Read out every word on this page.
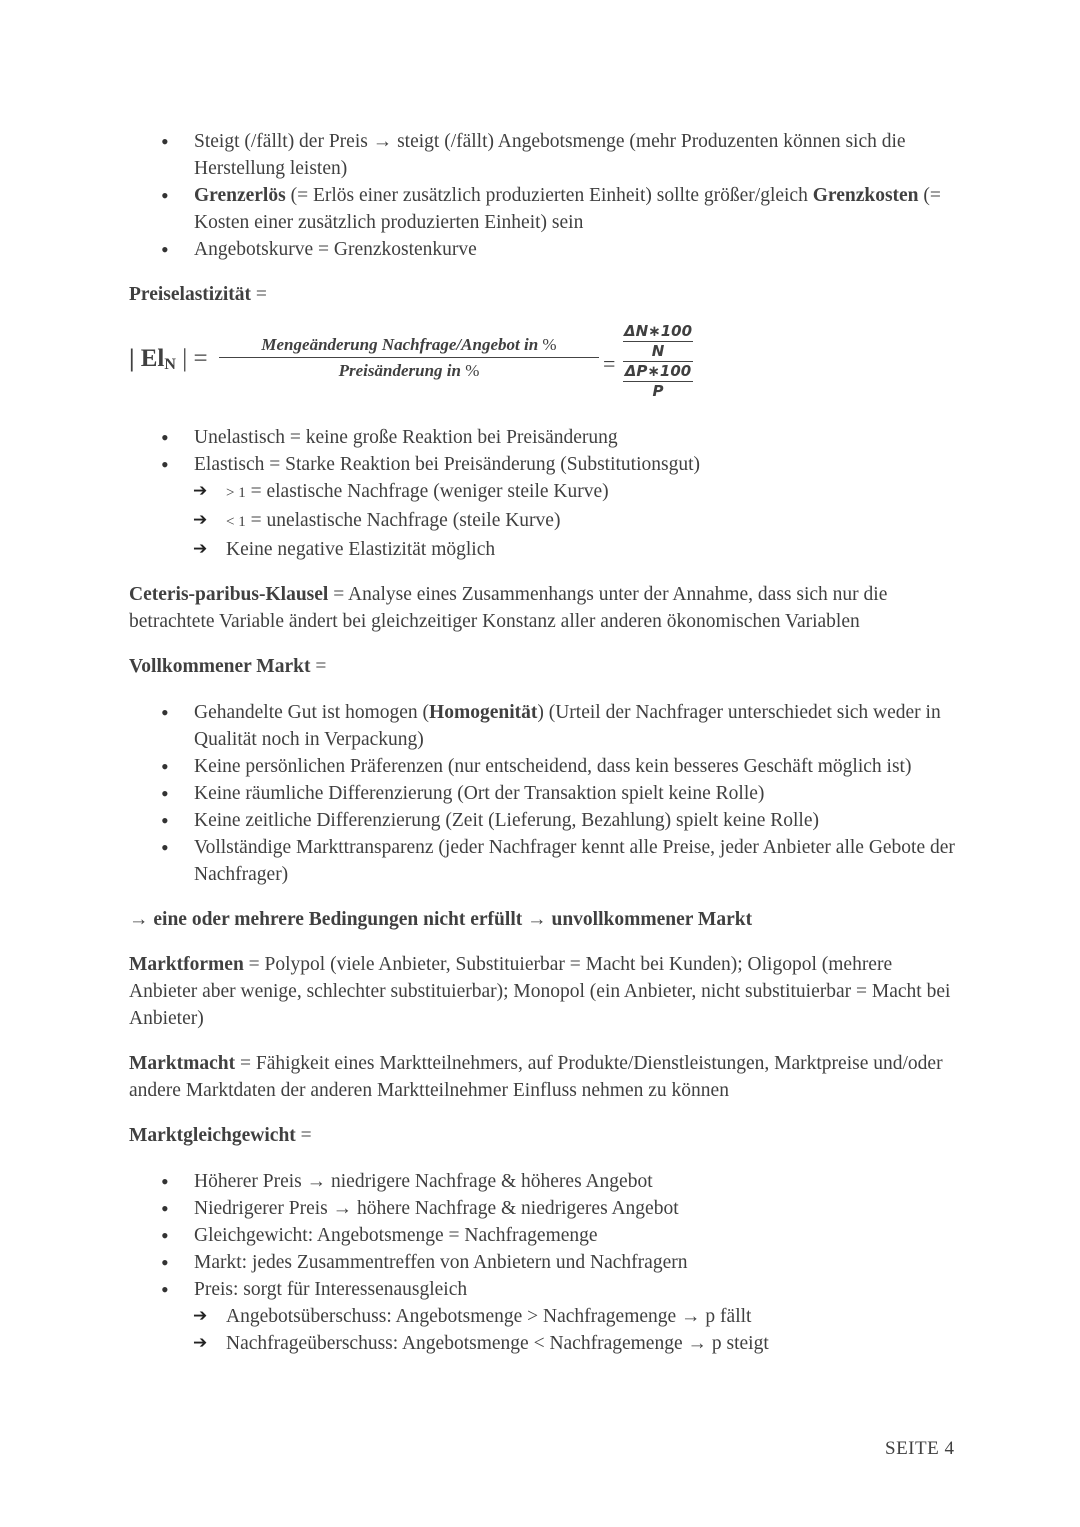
• Steigt (/fällt) der Preis → steigt (/fällt) Angebotsmenge (mehr Produzenten können sich die Herstellung leisten)
• Grenzerlös (= Erlös einer zusätzlich produzierten Einheit) sollte größer/gleich Grenzkosten (= Kosten einer zusätzlich produzierten Einheit) sein
• Angebotskurve = Grenzkostenkurve

Preiselastizität =

| $El_N$ | =
Mengeänderung Nachfrage/Angebot in %
Preisänderung in %	=
ΔN∗100
N
ΔP∗100
P
• Unelastisch = keine große Reaktion bei Preisänderung
• Elastisch = Starke Reaktion bei Preisänderung (Substitutionsgut)
➔ > 1 = elastische Nachfrage (weniger steile Kurve)
➔ < 1 = unelastische Nachfrage (steile Kurve)
➔ Keine negative Elastizität möglich

Ceteris-paribus-Klausel = Analyse eines Zusammenhangs unter der Annahme, dass sich nur die betrachtete Variable ändert bei gleichzeitiger Konstanz aller anderen ökonomischen Variablen

Vollkommener Markt =

• Gehandelte Gut ist homogen (Homogenität) (Urteil der Nachfrager unterschiedet sich weder in Qualität noch in Verpackung)
• Keine persönlichen Präferenzen (nur entscheidend, dass kein besseres Geschäft möglich ist)
• Keine räumliche Differenzierung (Ort der Transaktion spielt keine Rolle)
• Keine zeitliche Differenzierung (Zeit (Lieferung, Bezahlung) spielt keine Rolle)
• Vollständige Markttransparenz (jeder Nachfrager kennt alle Preise, jeder Anbieter alle Gebote der Nachfrager)

→ eine oder mehrere Bedingungen nicht erfüllt → unvollkommener Markt

Marktformen = Polypol (viele Anbieter, Substituierbar = Macht bei Kunden); Oligopol (mehrere Anbieter aber wenige, schlechter substituierbar); Monopol (ein Anbieter, nicht substituierbar = Macht bei Anbieter)

Marktmacht = Fähigkeit eines Marktteilnehmers, auf Produkte/Dienstleistungen, Marktpreise und/oder andere Marktdaten der anderen Marktteilnehmer Einfluss nehmen zu können

Marktgleichgewicht =

• Höherer Preis → niedrigere Nachfrage & höheres Angebot
• Niedrigerer Preis → höhere Nachfrage & niedrigeres Angebot
• Gleichgewicht: Angebotsmenge = Nachfragemenge
• Markt: jedes Zusammentreffen von Anbietern und Nachfragern
• Preis: sorgt für Interessenausgleich
➔ Angebotsüberschuss: Angebotsmenge > Nachfragemenge → p fällt
➔ Nachfrageüberschuss: Angebotsmenge < Nachfragemenge → p steigt
SEITE 4
